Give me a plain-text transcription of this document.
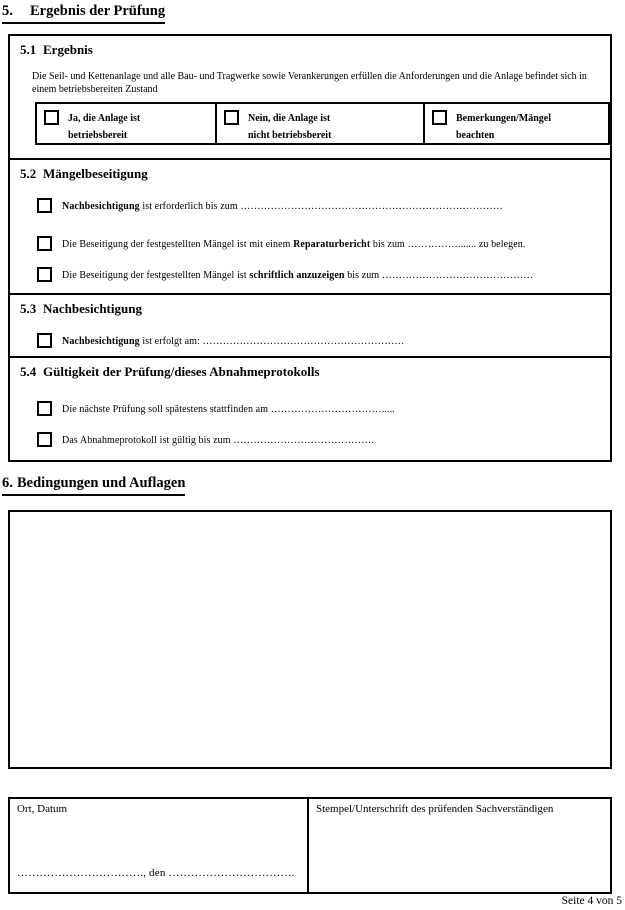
5. Ergebnis der Prüfung
5.1 Ergebnis
Die Seil- und Kettenanlage und alle Bau- und Tragwerke sowie Verankerungen erfüllen die Anforderungen und die Anlage befindet sich in einem betriebsbereiten Zustand
Ja, die Anlage ist
betriebsbereit
Nein, die Anlage ist
nicht betriebsbereit
Bemerkungen/Mängel
beachten
5.2 Mängelbeseitigung
Nachbesichtigung ist erforderlich bis zum ……………………………………………………………………
Die Beseitigung der festgestellten Mängel ist mit einem Reparaturbericht bis zum ……………....... zu belegen.
Die Beseitigung der festgestellten Mängel ist schriftlich anzuzeigen bis zum ………………………………………
5.3 Nachbesichtigung
Nachbesichtigung ist erfolgt am: ……………………………………………………
5.4 Gültigkeit der Prüfung/dieses Abnahmeprotokolls
Die nächste Prüfung soll spätestens stattfinden am …………………………….....
Das Abnahmeprotokoll ist gültig bis zum ……………………………………
6. Bedingungen und Auflagen
Ort, Datum
……………………………., den …………………………….
Stempel/Unterschrift des prüfenden Sachverständigen
Seite 4 von 5
